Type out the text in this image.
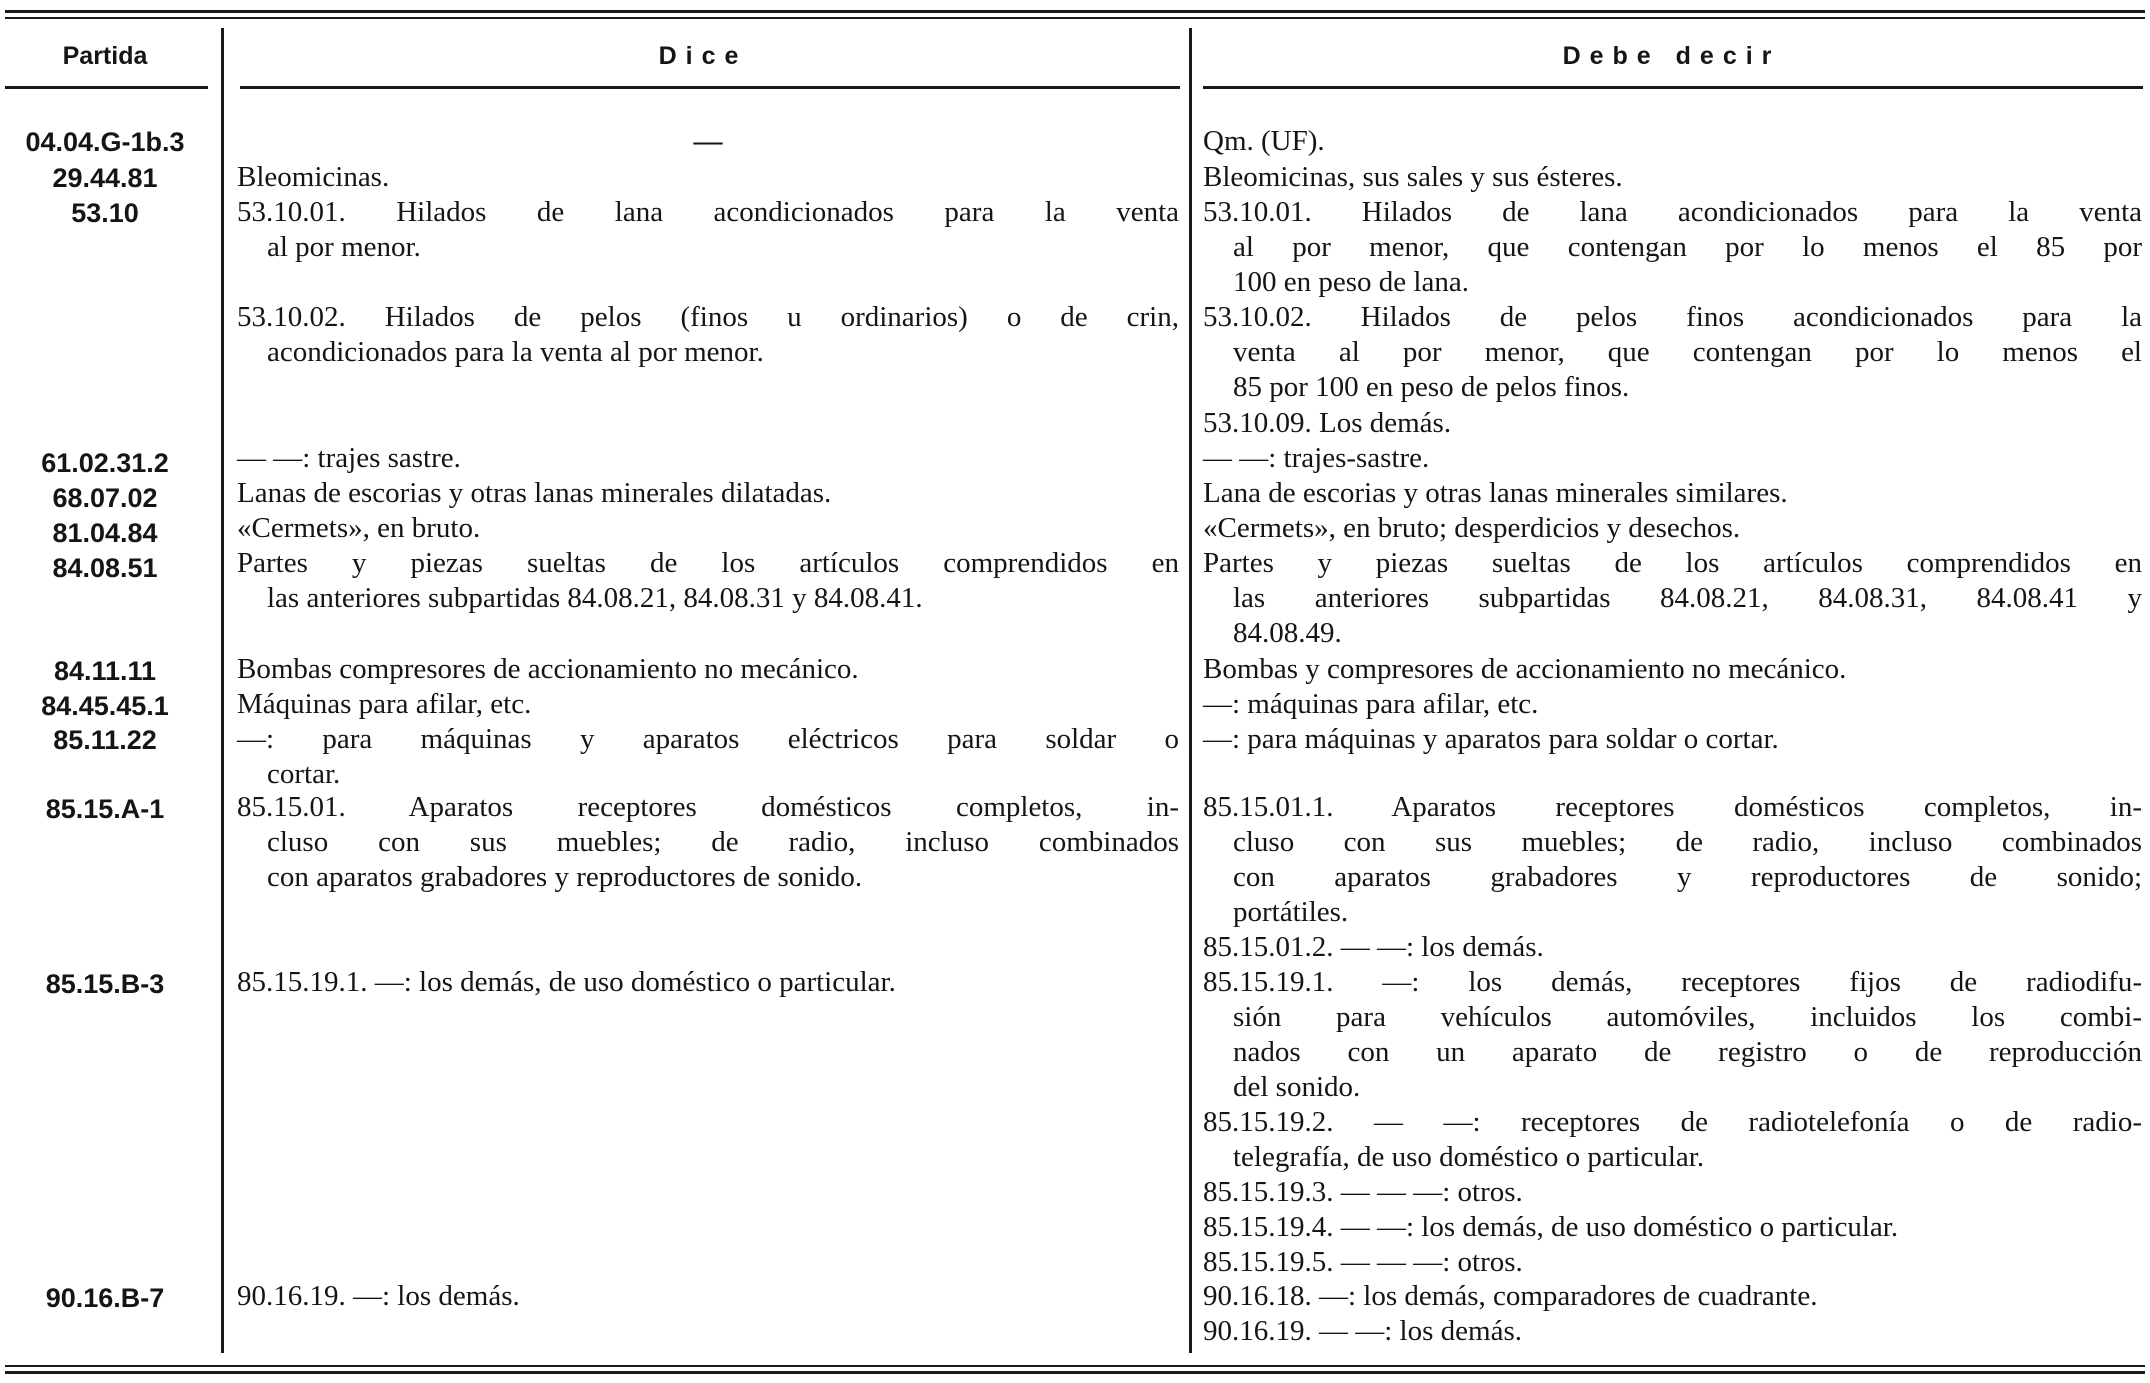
Partida	Dice	Debe decir
04.04.G-1b.3
29.44.81
53.10
61.02.31.2
68.07.02
81.04.84
84.08.51
84.11.11
84.45.45.1
85.11.22
85.15.A-1
85.15.B-3
90.16.B-7
—
Bleomicinas.
53.10.01. Hilados de lana acondicionados para la venta
al por menor.
53.10.02. Hilados de pelos (finos u ordinarios) o de crin,
acondicionados para la venta al por menor.
— —: trajes sastre.
Lanas de escorias y otras lanas minerales dilatadas.
«Cermets», en bruto.
Partes y piezas sueltas de los artículos comprendidos en
las anteriores subpartidas 84.08.21, 84.08.31 y 84.08.41.
Bombas compresores de accionamiento no mecánico.
Máquinas para afilar, etc.
—: para máquinas y aparatos eléctricos para soldar o
cortar.
85.15.01. Aparatos receptores domésticos completos, in-
cluso con sus muebles; de radio, incluso combinados
con aparatos grabadores y reproductores de sonido.
85.15.19.1. —: los demás, de uso doméstico o particular.
90.16.19. —: los demás.
Qm. (UF).
Bleomicinas, sus sales y sus ésteres.
53.10.01. Hilados de lana acondicionados para la venta
al por menor, que contengan por lo menos el 85 por
100 en peso de lana.
53.10.02. Hilados de pelos finos acondicionados para la
venta al por menor, que contengan por lo menos el
85 por 100 en peso de pelos finos.
53.10.09. Los demás.
— —: trajes-sastre.
Lana de escorias y otras lanas minerales similares.
«Cermets», en bruto; desperdicios y desechos.
Partes y piezas sueltas de los artículos comprendidos en
las anteriores subpartidas 84.08.21, 84.08.31, 84.08.41 y
84.08.49.
Bombas y compresores de accionamiento no mecánico.
—: máquinas para afilar, etc.
—: para máquinas y aparatos para soldar o cortar.
85.15.01.1. Aparatos receptores domésticos completos, in-
cluso con sus muebles; de radio, incluso combinados
con aparatos grabadores y reproductores de sonido;
portátiles.
85.15.01.2. — —: los demás.
85.15.19.1. —: los demás, receptores fijos de radiodifu-
sión para vehículos automóviles, incluidos los combi-
nados con un aparato de registro o de reproducción
del sonido.
85.15.19.2. — —: receptores de radiotelefonía o de radio-
telegrafía, de uso doméstico o particular.
85.15.19.3. — — —: otros.
85.15.19.4. — —: los demás, de uso doméstico o particular.
85.15.19.5. — — —: otros.
90.16.18. —: los demás, comparadores de cuadrante.
90.16.19. — —: los demás.
